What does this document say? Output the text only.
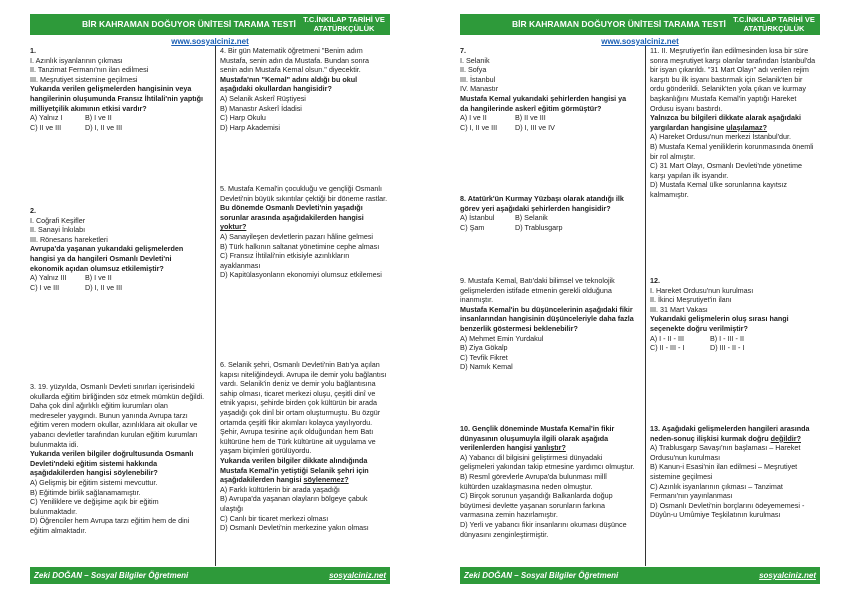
BİR KAHRAMAN DOĞUYOR ÜNİTESİ TARAMA TESTİ T.C.İNKILAP TARİHİ VE
ATATÜRKÇÜLÜK
www.sosyalciniz.net
1.
I. Azınlık isyanlarının çıkması
II. Tanzimat Fermanı'nın ilan edilmesi
III. Meşrutiyet sistemine geçilmesi
Yukarıda verilen gelişmelerden hangisinin veya hangilerinin oluşumunda Fransız İhtilali'nin yaptığı milliyetçilik akımının etkisi vardır?
A) Yalnız I	B) I ve II
C) II ve III	D) I, II ve III
2.
I. Coğrafi Keşifler
II. Sanayi İnkılabı
III. Rönesans hareketleri
Avrupa'da yaşanan yukarıdaki gelişmelerden hangisi ya da hangileri Osmanlı Devleti'ni ekonomik açıdan olumsuz etkilemiştir?
A) Yalnız III	B) I ve II
C) I ve III	D) I, II ve III
3. 19. yüzyılda, Osmanlı Devleti sınırları içerisindeki okullarda eğitim birliğinden söz etmek mümkün değildi. Daha çok dinî ağırlıklı eğitim kurumları olan medreseler yaygındı. Bunun yanında Avrupa tarzı eğitim veren modern okullar, azınlıklara ait okullar ve yabancı devletler tarafından kurulan eğitim kurumları bulunmakta idi.
Yukarıda verilen bilgiler doğrultusunda Osmanlı Devleti'ndeki eğitim sistemi hakkında aşağıdakilerden hangisi söylenebilir?
A) Gelişmiş bir eğitim sistemi mevcuttur.
B) Eğitimde birlik sağlanamamıştır.
C) Yeniliklere ve değişime açık bir eğitim bulunmaktadır.
D) Öğrenciler hem Avrupa tarzı eğitim hem de dini eğitim almaktadır.
4. Bir gün Matematik öğretmeni "Benim adım Mustafa, senin adın da Mustafa. Bundan sonra senin adın Mustafa Kemal olsun." diyecektir.
Mustafa'nın "Kemal" adını aldığı bu okul aşağıdaki okullardan hangisidir?
A) Selanik Askerî Rüştiyesi
B) Manastır Askerî İdadisi
C) Harp Okulu
D) Harp Akademisi
5. Mustafa Kemal'in çocukluğu ve gençliği Osmanlı Devleti'nin büyük sıkıntılar çektiği bir döneme rastlar.
Bu dönemde Osmanlı Devleti'nin yaşadığı sorunlar arasında aşağıdakilerden hangisi yoktur?
A) Sanayileşen devletlerin pazarı hâline gelmesi
B) Türk halkının saltanat yönetimine cephe alması
C) Fransız İhtilali'nin etkisiyle azınlıkların ayaklanması
D) Kapitülasyonların ekonomiyi olumsuz etkilemesi
6. Selanik şehri, Osmanlı Devleti'nin Batı'ya açılan kapısı niteliğindeydi. Avrupa ile demir yolu bağlantısı vardı. Selanik'in deniz ve demir yolu bağlantısına sahip olması, ticaret merkezi oluşu, çeşitli dinî ve etnik yapısı, şehirde birden çok kültürün bir arada yaşadığı çok dinî bir ortam oluşturmuştu. Bu özgür ortamda çeşitli fikir akımları kolayca yayılıyordu. Şehir, Avrupa tesirine açık olduğundan hem Batı kültürüne hem de Türk kültürüne ait uygulama ve yaşam biçimleri görülüyordu.
Yukarıda verilen bilgiler dikkate alındığında Mustafa Kemal'in yetiştiği Selanik şehri için aşağıdakilerden hangisi söylenemez?
A) Farklı kültürlerin bir arada yaşadığı
B) Avrupa'da yaşanan olayların bölgeye çabuk ulaştığı
C) Canlı bir ticaret merkezi olması
D) Osmanlı Devleti'nin merkezine yakın olması
Zeki DOĞAN – Sosyal Bilgiler Öğretmeni	sosyalciniz.net
BİR KAHRAMAN DOĞUYOR ÜNİTESİ TARAMA TESTİ T.C.İNKILAP TARİHİ VE
ATATÜRKÇÜLÜK
www.sosyalciniz.net
7.
I. Selanik
II. Sofya
III. İstanbul
IV. Manastır
Mustafa Kemal yukarıdaki şehirlerden hangisi ya da hangilerinde askerî eğitim görmüştür?
A) I ve II	B) II ve III
C) I, II ve III	D) I, III ve IV
8. Atatürk'ün Kurmay Yüzbaşı olarak atandığı ilk görev yeri aşağıdaki şehirlerden hangisidir?
A) İstanbul	B) Selanik
C) Şam	D) Trablusgarp
9. Mustafa Kemal, Batı'daki bilimsel ve teknolojik gelişmelerden istifade etmenin gerekli olduğuna inanmıştır.
Mustafa Kemal'in bu düşüncelerinin aşağıdaki fikir insanlarından hangisinin düşünceleriyle daha fazla benzerlik göstermesi beklenebilir?
A) Mehmet Emin Yurdakul
B) Ziya Gökalp
C) Tevfik Fikret
D) Namık Kemal
10. Gençlik döneminde Mustafa Kemal'in fikir dünyasının oluşumuyla ilgili olarak aşağıda verilenlerden hangisi yanlıştır?
A) Yabancı dil bilgisini geliştirmesi dünyadaki gelişmeleri yakından takip etmesine yardımcı olmuştur.
B) Resmî görevlerle Avrupa'da bulunması millî kültürden uzaklaşmasına neden olmuştur.
C) Birçok sorunun yaşandığı Balkanlarda doğup büyümesi devlette yaşanan sorunların farkına varmasına zemin hazırlamıştır.
D) Yerli ve yabancı fikir insanlarını okuması düşünce dünyasını zenginleştirmiştir.
11. II. Meşrutiyet'in ilan edilmesinden kısa bir süre sonra meşrutiyet karşı olanlar tarafından İstanbul'da bir isyan çıkarıldı. "31 Mart Olayı" adı verilen rejim karşıtı bu ilk isyanı bastırmak için Selanik'ten bir ordu gönderildi. Selanik'ten yola çıkan ve kurmay başkanlığını Mustafa Kemal'in yaptığı Hareket Ordusu isyanı bastırdı.
Yalnızca bu bilgileri dikkate alarak aşağıdaki yargılardan hangisine ulaşılamaz?
A) Hareket Ordusu'nun merkezi İstanbul'dur.
B) Mustafa Kemal yeniliklerin korunmasında önemli bir rol almıştır.
C) 31 Mart Olayı, Osmanlı Devleti'nde yönetime karşı yapılan ilk isyandır.
D) Mustafa Kemal ülke sorunlarına kayıtsız kalmamıştır.
12.
I. Hareket Ordusu'nun kurulması
II. İkinci Meşrutiyet'in ilanı
III. 31 Mart Vakası
Yukarıdaki gelişmelerin oluş sırası hangi seçenekte doğru verilmiştir?
A) I - II - III	B) I - III - II
C) II - III - I	D) III - II - I
13. Aşağıdaki gelişmelerden hangileri arasında neden-sonuç ilişkisi kurmak doğru değildir?
A) Trablusgarp Savaşı'nın başlaması – Hareket Ordusu'nun kurulması
B) Kanun-i Esasi'nin ilan edilmesi – Meşrutiyet sistemine geçilmesi
C) Azınlık isyanlarının çıkması – Tanzimat Fermanı'nın yayınlanması
D) Osmanlı Devleti'nin borçlarını ödeyememesi - Düyûn-u Umûmiye Teşkilatının kurulması
Zeki DOĞAN – Sosyal Bilgiler Öğretmeni	sosyalciniz.net
